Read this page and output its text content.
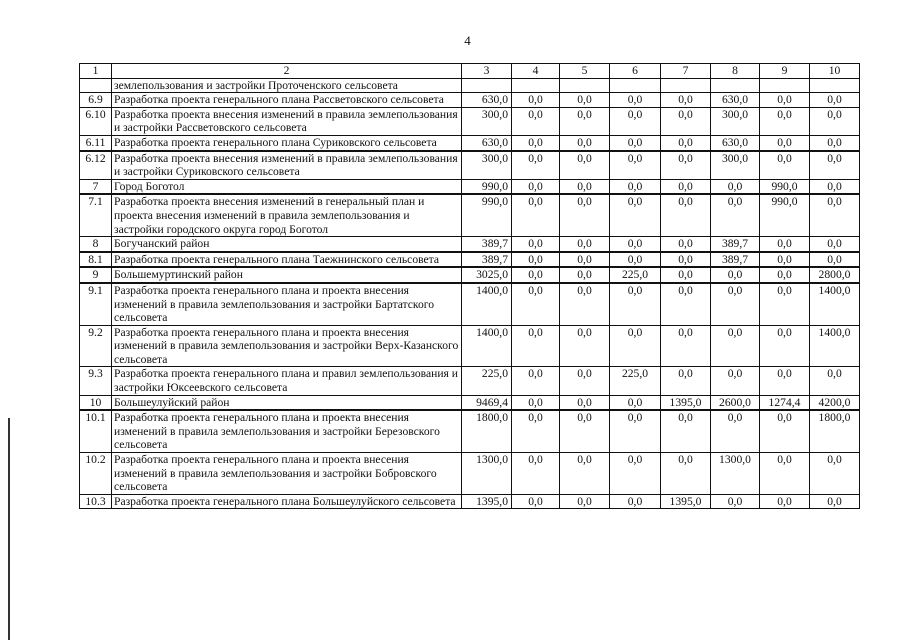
4
1	2	3	4	5	6	7	8	9	10
	землепользования и застройки Проточенского сельсовета								
6.9	Разработка проекта генерального плана Рассветовского сельсовета	630,0	0,0	0,0	0,0	0,0	630,0	0,0	0,0
6.10	Разработка проекта внесения изменений в правила землепользования и застройки Рассветовского сельсовета	300,0	0,0	0,0	0,0	0,0	300,0	0,0	0,0
6.11	Разработка проекта генерального плана Суриковского сельсовета	630,0	0,0	0,0	0,0	0,0	630,0	0,0	0,0
6.12	Разработка проекта внесения изменений в правила землепользования и застройки Суриковского сельсовета	300,0	0,0	0,0	0,0	0,0	300,0	0,0	0,0
7	Город Боготол	990,0	0,0	0,0	0,0	0,0	0,0	990,0	0,0
7.1	Разработка проекта внесения изменений в генеральный план и проекта внесения изменений в правила землепользования и застройки городского округа город Боготол	990,0	0,0	0,0	0,0	0,0	0,0	990,0	0,0
8	Богучанский район	389,7	0,0	0,0	0,0	0,0	389,7	0,0	0,0
8.1	Разработка проекта генерального плана Таежнинского сельсовета	389,7	0,0	0,0	0,0	0,0	389,7	0,0	0,0
9	Большемуртинский район	3025,0	0,0	0,0	225,0	0,0	0,0	0,0	2800,0
9.1	Разработка проекта генерального плана и проекта внесения изменений в правила землепользования и застройки Бартатского сельсовета	1400,0	0,0	0,0	0,0	0,0	0,0	0,0	1400,0
9.2	Разработка проекта генерального плана и проекта внесения изменений в правила землепользования и застройки Верх-Казанского сельсовета	1400,0	0,0	0,0	0,0	0,0	0,0	0,0	1400,0
9.3	Разработка проекта генерального плана и правил землепользования и застройки Юксеевского сельсовета	225,0	0,0	0,0	225,0	0,0	0,0	0,0	0,0
10	Большеулуйский район	9469,4	0,0	0,0	0,0	1395,0	2600,0	1274,4	4200,0
10.1	Разработка проекта генерального плана и проекта внесения изменений в правила землепользования и застройки Березовского сельсовета	1800,0	0,0	0,0	0,0	0,0	0,0	0,0	1800,0
10.2	Разработка проекта генерального плана и проекта внесения изменений в правила землепользования и застройки Бобровского сельсовета	1300,0	0,0	0,0	0,0	0,0	1300,0	0,0	0,0
10.3	Разработка проекта генерального плана Большеулуйского сельсовета	1395,0	0,0	0,0	0,0	1395,0	0,0	0,0	0,0
